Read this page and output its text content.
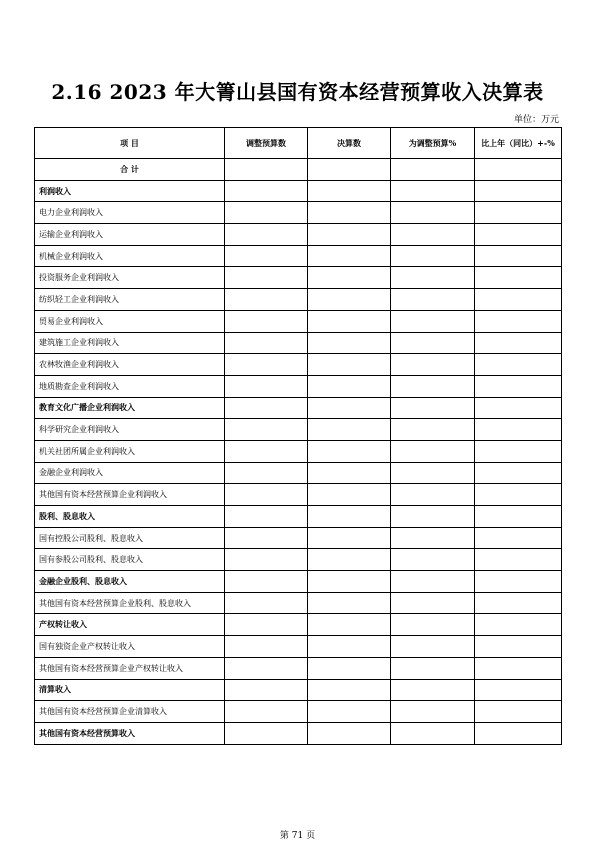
2.16 2023 年大箐山县国有资本经营预算收入决算表
单位：万元
项 目	调整预算数	决算数	为调整预算%	比上年（同比）+-%
合 计				
利润收入				
电力企业利润收入				
运输企业利润收入				
机械企业利润收入				
投资服务企业利润收入				
纺织轻工企业利润收入				
贸易企业利润收入				
建筑施工企业利润收入				
农林牧渔企业利润收入				
地质勘查企业利润收入				
教育文化广播企业利润收入				
科学研究企业利润收入				
机关社团所属企业利润收入				
金融企业利润收入				
其他国有资本经营预算企业利润收入				
股利、股息收入				
国有控股公司股利、股息收入				
国有参股公司股利、股息收入				
金融企业股利、股息收入				
其他国有资本经营预算企业股利、股息收入				
产权转让收入				
国有独资企业产权转让收入				
其他国有资本经营预算企业产权转让收入				
清算收入				
其他国有资本经营预算企业清算收入				
其他国有资本经营预算收入				
第 71 页
